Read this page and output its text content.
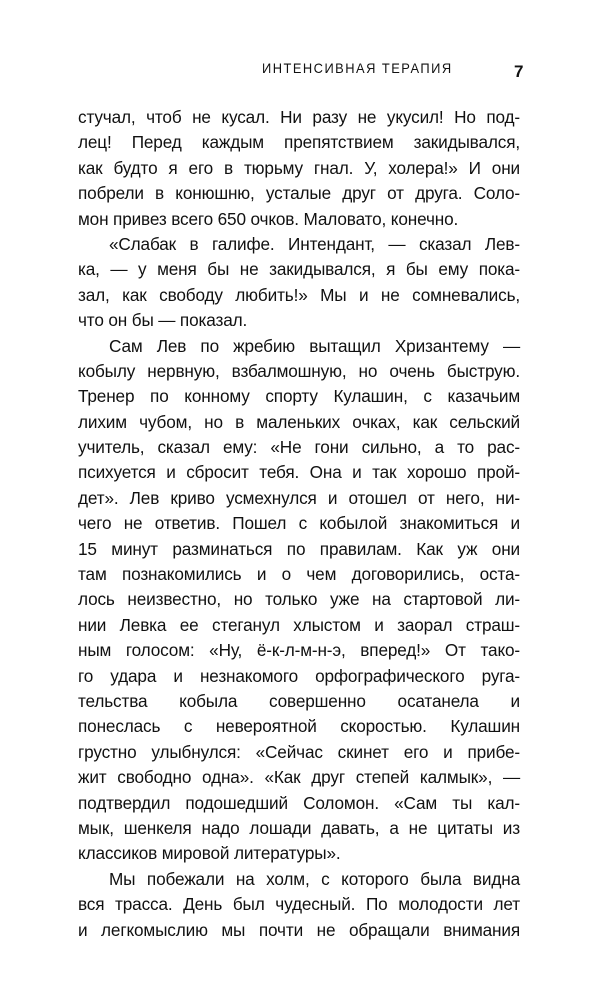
ИНТЕНСИВНАЯ ТЕРАПИЯ	7
стучал, чтоб не кусал. Ни разу не укусил! Но под-
лец! Перед каждым препятствием закидывался,
как будто я его в тюрьму гнал. У, холера!» И они
побрели в конюшню, усталые друг от друга. Соло-
мон привез всего 650 очков. Маловато, конечно.
«Слабак в галифе. Интендант, — сказал Лев-
ка, — у меня бы не закидывался, я бы ему пока-
зал, как свободу любить!» Мы и не сомневались,
что он бы — показал.
Сам Лев по жребию вытащил Хризантему —
кобылу нервную, взбалмошную, но очень быструю.
Тренер по конному спорту Кулашин, с казачьим
лихим чубом, но в маленьких очках, как сельский
учитель, сказал ему: «Не гони сильно, а то рас-
психуется и сбросит тебя. Она и так хорошо прой-
дет». Лев криво усмехнулся и отошел от него, ни-
чего не ответив. Пошел с кобылой знакомиться и
15 минут разминаться по правилам. Как уж они
там познакомились и о чем договорились, оста-
лось неизвестно, но только уже на стартовой ли-
нии Левка ее стеганул хлыстом и заорал страш-
ным голосом: «Ну, ё-к-л-м-н-э, вперед!» От тако-
го удара и незнакомого орфографического руга-
тельства кобыла совершенно осатанела и
понеслась с невероятной скоростью. Кулашин
грустно улыбнулся: «Сейчас скинет его и прибе-
жит свободно одна». «Как друг степей калмык», —
подтвердил подошедший Соломон. «Сам ты кал-
мык, шенкеля надо лошади давать, а не цитаты из
классиков мировой литературы».
Мы побежали на холм, с которого была видна
вся трасса. День был чудесный. По молодости лет
и легкомыслию мы почти не обращали внимания
